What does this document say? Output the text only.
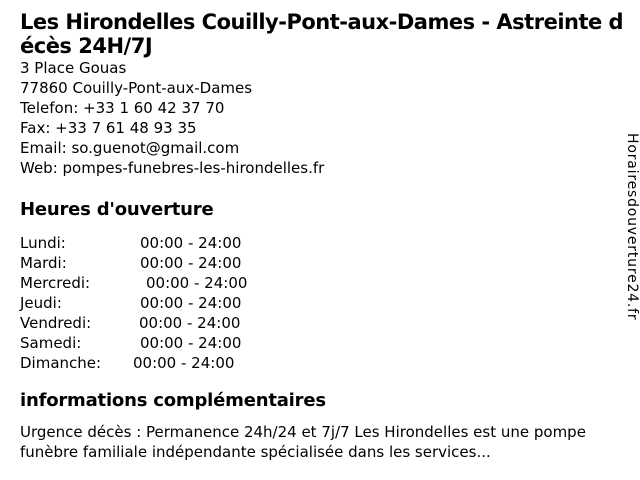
Les Hirondelles Couilly-Pont-aux-Dames - Astreinte d
écès 24H/7J
3 Place Gouas
77860 Couilly-Pont-aux-Dames
Telefon: +33 1 60 42 37 70
Fax: +33 7 61 48 93 35
Email: so.guenot@gmail.com
Web: pompes-funebres-les-hirondelles.fr
Heures d'ouverture
Lundi:	00:00 - 24:00
Mardi:	00:00 - 24:00
Mercredi:	00:00 - 24:00
Jeudi:	00:00 - 24:00
Vendredi:	00:00 - 24:00
Samedi:	00:00 - 24:00
Dimanche: 00:00 - 24:00
informations complémentaires

Urgence décès : Permanence 24h/24 et 7j/7 Les Hirondelles est une pompe funèbre familiale indépendante spécialisée dans les services...

Horairesdouverture24.fr
